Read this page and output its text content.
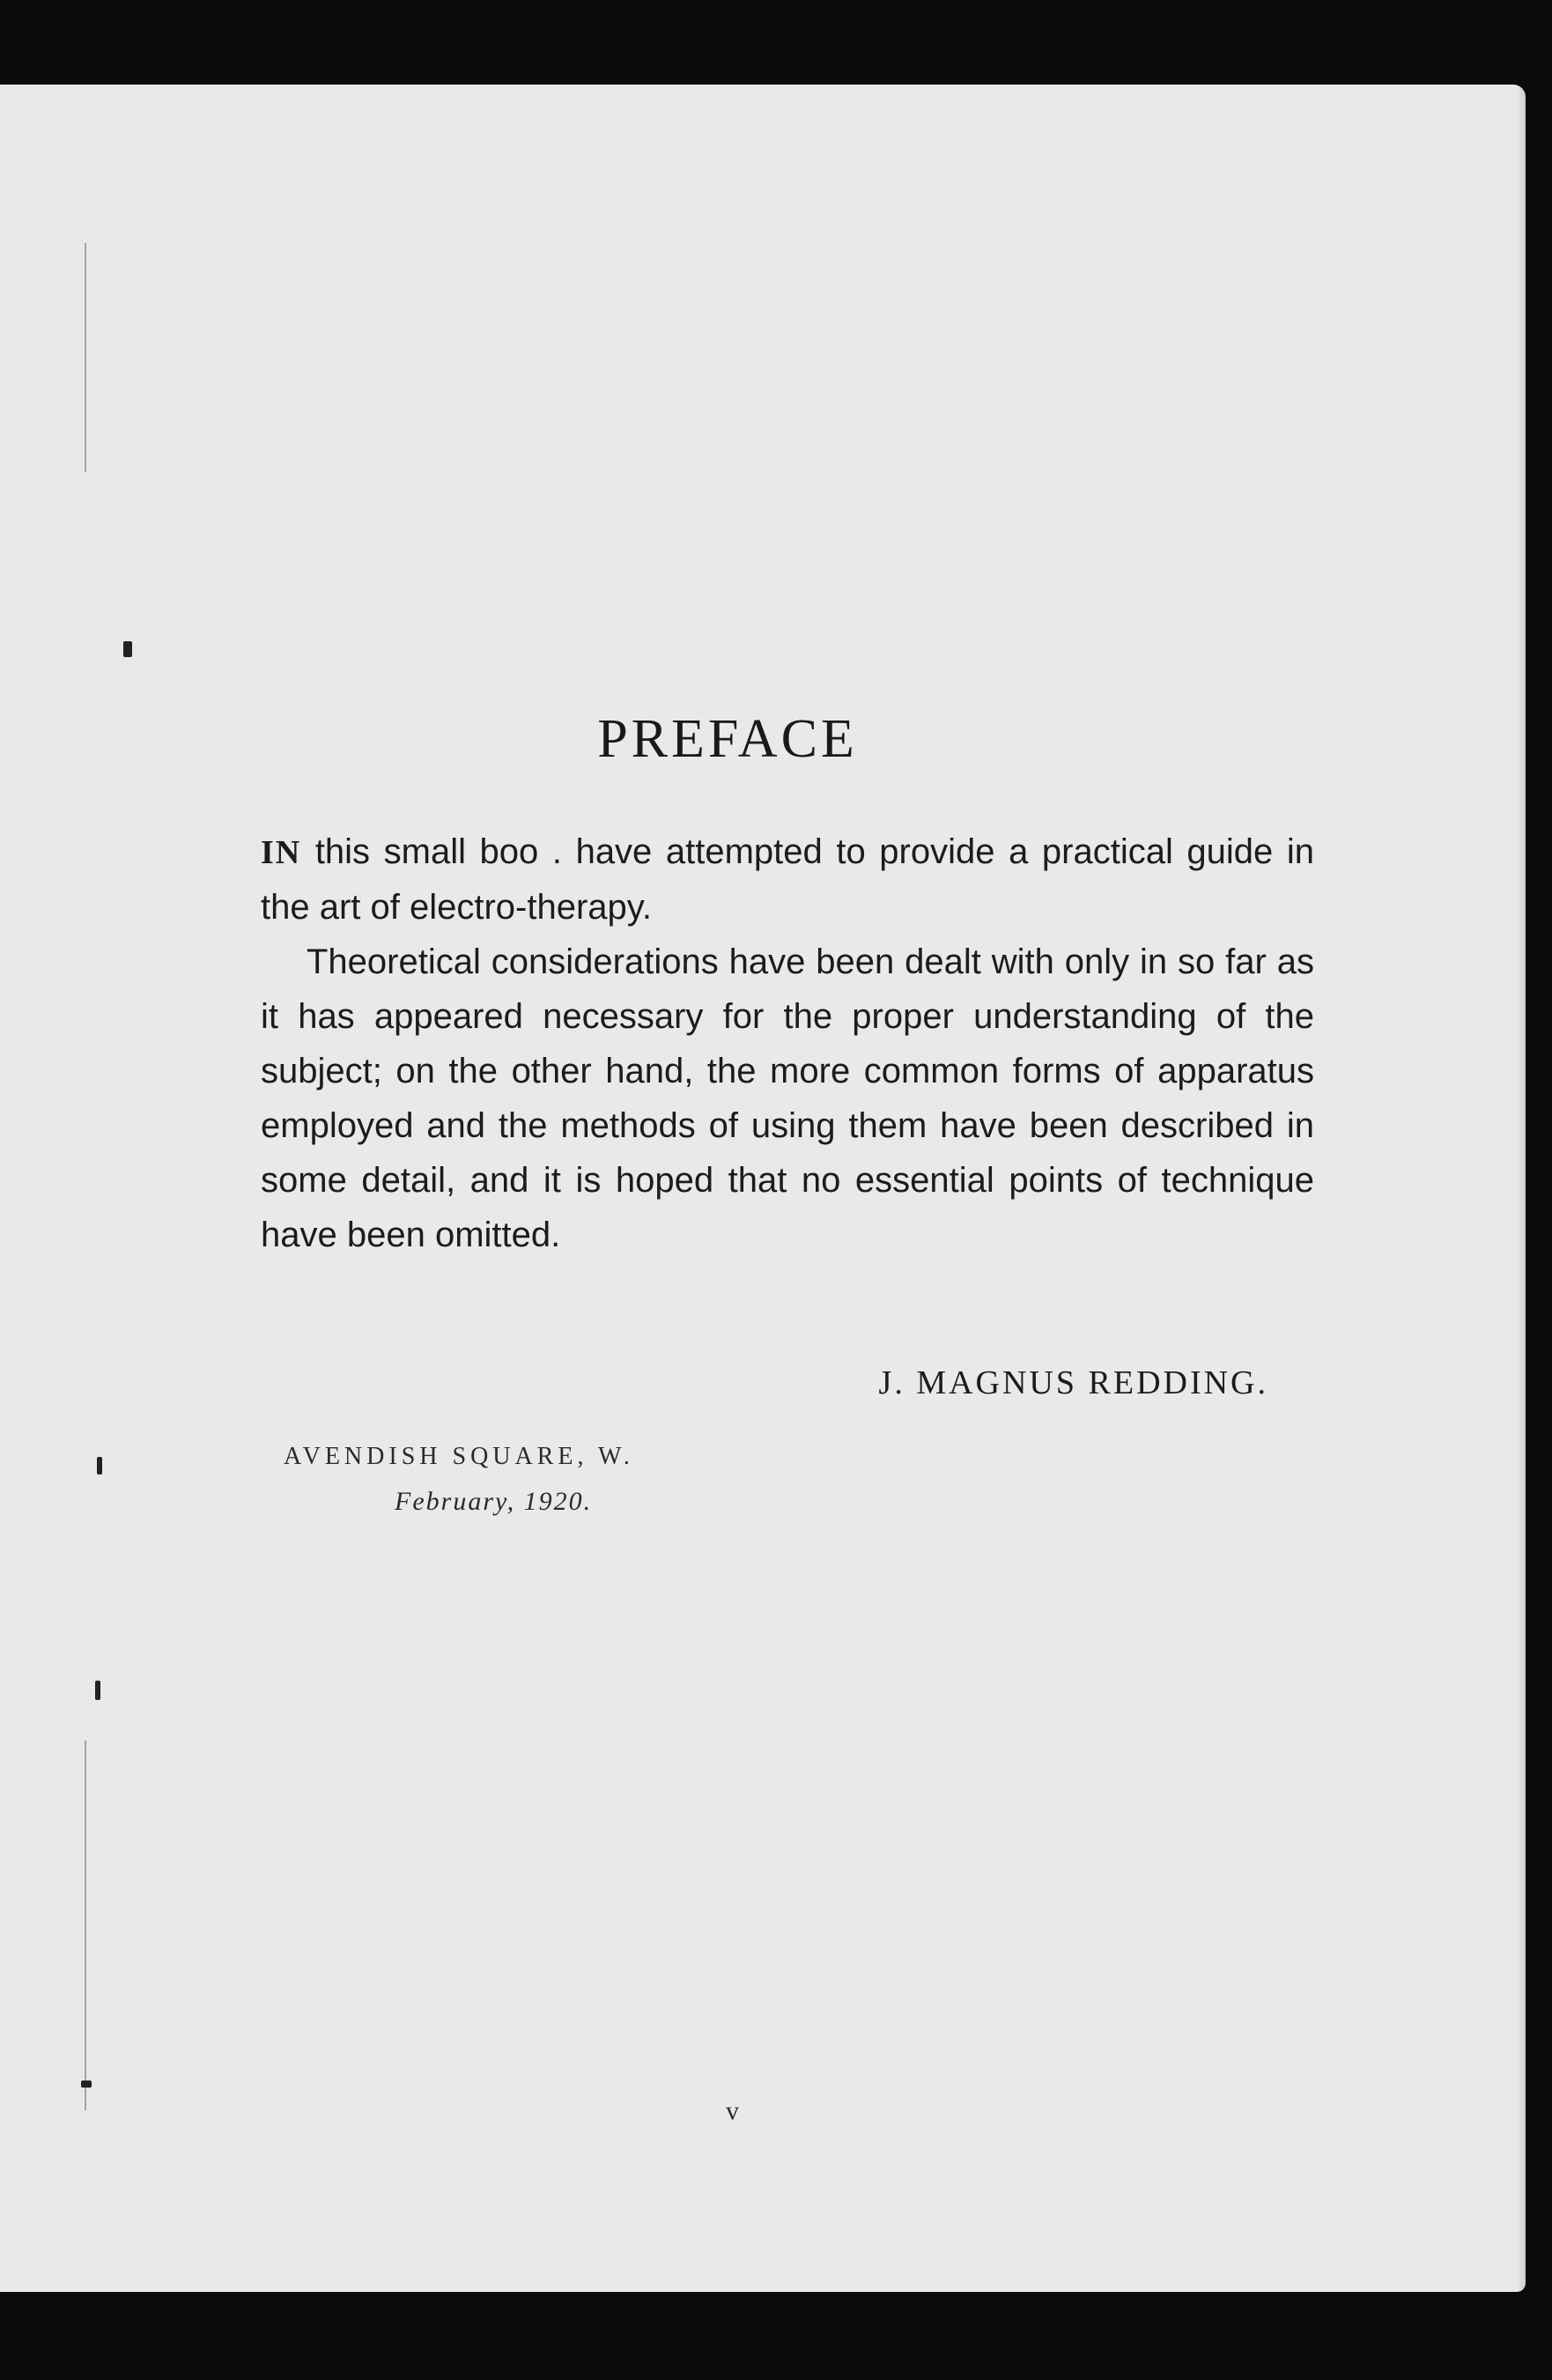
PREFACE

IN this small boo . have attempted to provide a practical guide in the art of electro-therapy.

Theoretical considerations have been dealt with only in so far as it has appeared necessary for the proper understanding of the subject; on the other hand, the more common forms of apparatus employed and the methods of using them have been described in some detail, and it is hoped that no essential points of technique have been omitted.

J. MAGNUS REDDING.
AVENDISH SQUARE, W.
February, 1920.
v
